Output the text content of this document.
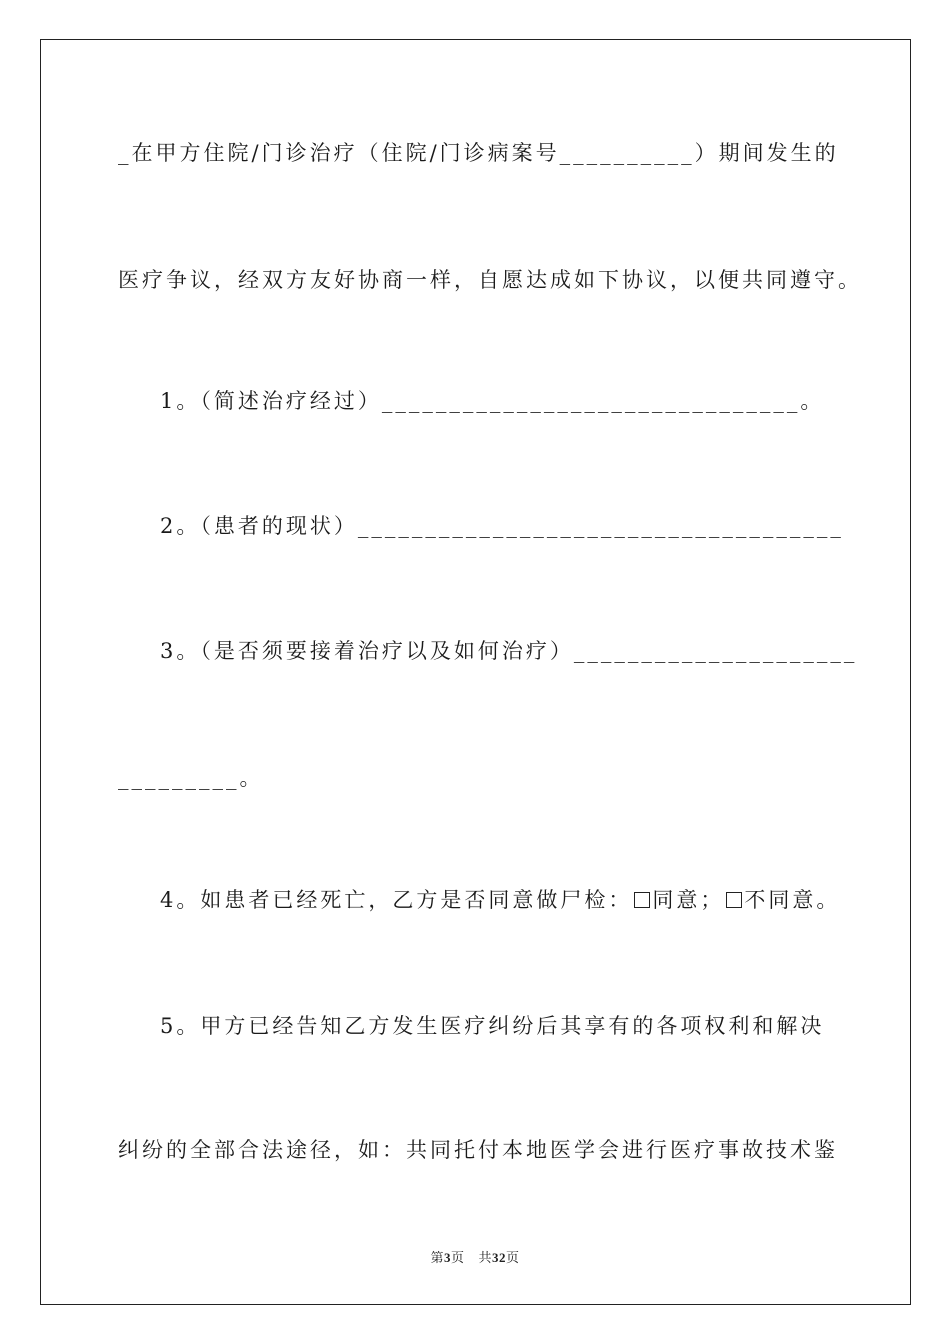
_在甲方住院/门诊治疗（住院/门诊病案号__________）期间发生的
医疗争议，经双方友好协商一样，自愿达成如下协议，以便共同遵守。
1。（简述治疗经过）_______________________________。
2。（患者的现状）____________________________________
3。（是否须要接着治疗以及如何治疗）_____________________
_________。
4。如患者已经死亡，乙方是否同意做尸检： 同意； 不同意。
5。甲方已经告知乙方发生医疗纠纷后其享有的各项权利和解决
纠纷的全部合法途径，如：共同托付本地医学会进行医疗事故技术鉴
第3页 共32页
